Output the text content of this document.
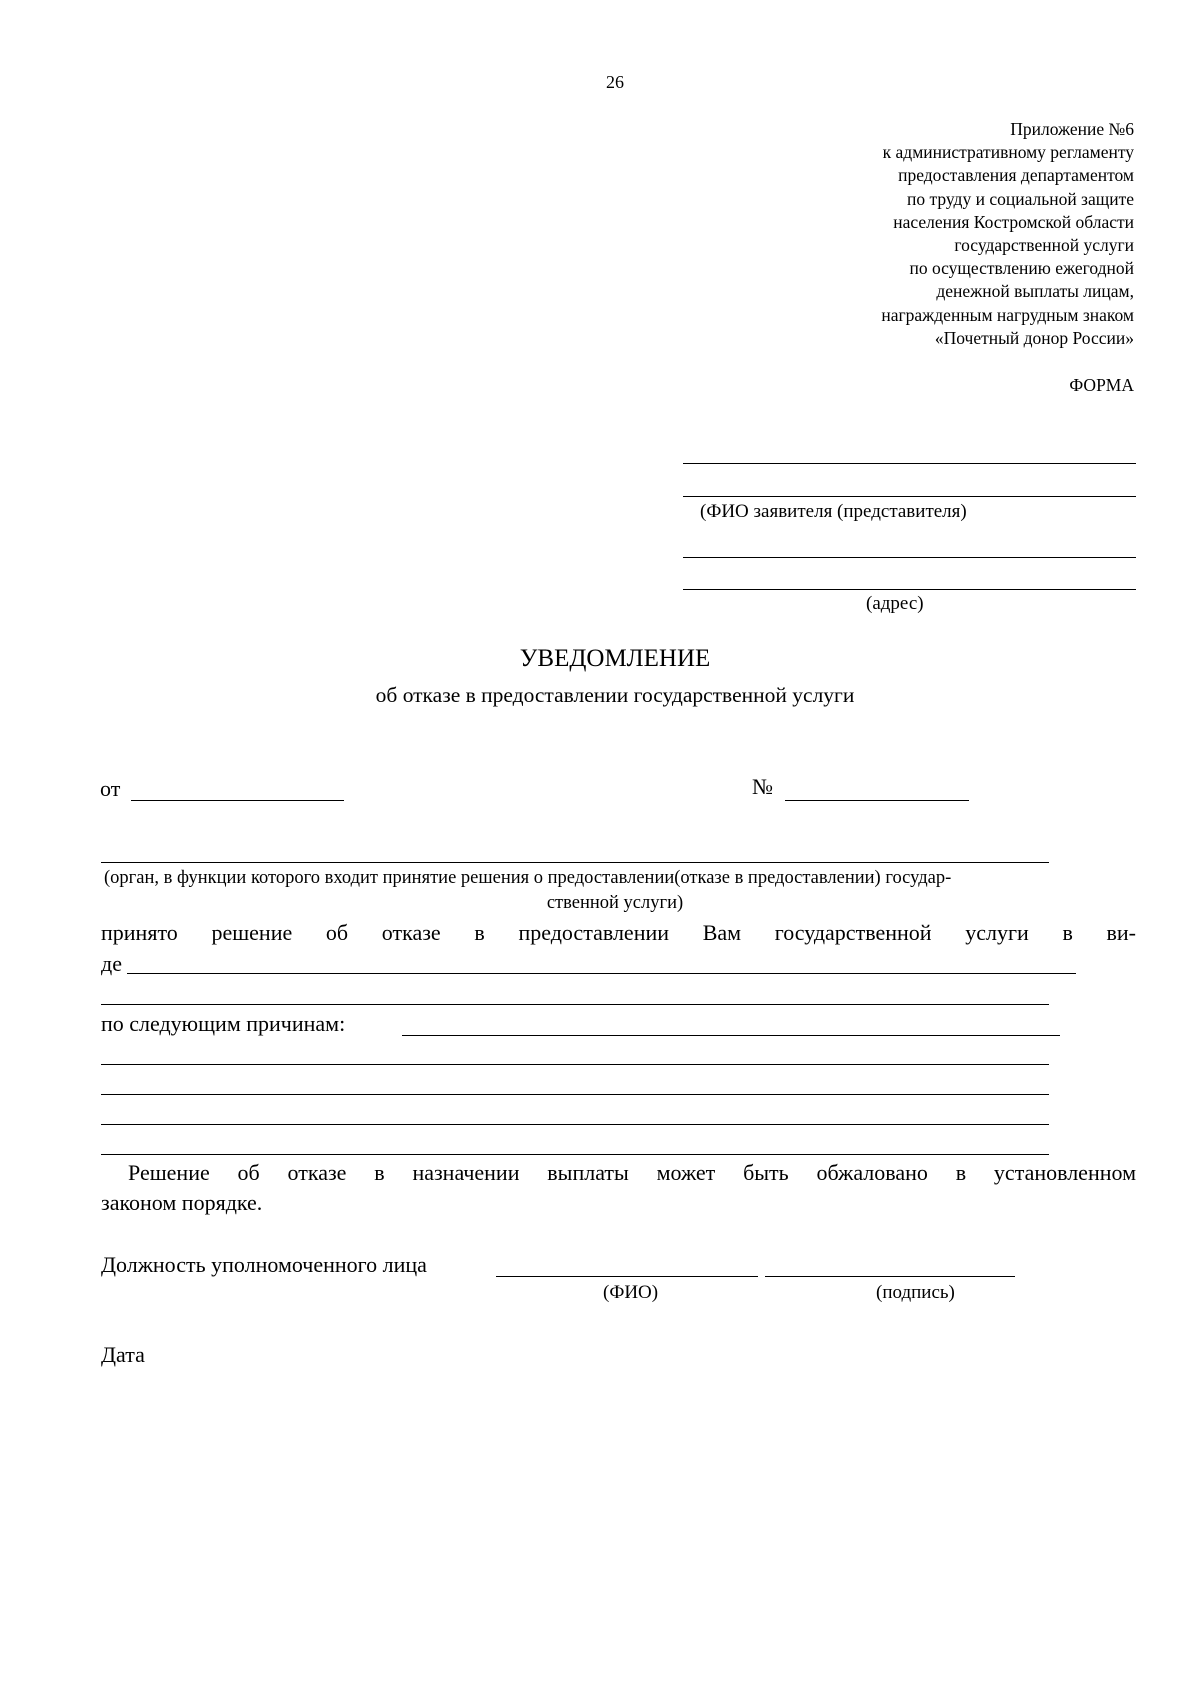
26
Приложение №6
к административному регламенту
предоставления департаментом
по труду и социальной защите
населения Костромской области
государственной услуги
по осуществлению ежегодной
денежной выплаты лицам,
награжденным нагрудным знаком
«Почетный донор России»
ФОРМА
(ФИО заявителя (представителя)
(адрес)
УВЕДОМЛЕНИЕ
об отказе в предоставлении государственной услуги
от	№
(орган, в функции которого входит принятие решения о предоставлении(отказе в предоставлении) государ-
ственной услуги)
принято решение об отказе в предоставлении Вам государственной услуги в ви-
де
по следующим причинам:
Решение об отказе в назначении выплаты может быть обжаловано в установленном
законом порядке.
Должность уполномоченного лица
(ФИО)	(подпись)
Дата
